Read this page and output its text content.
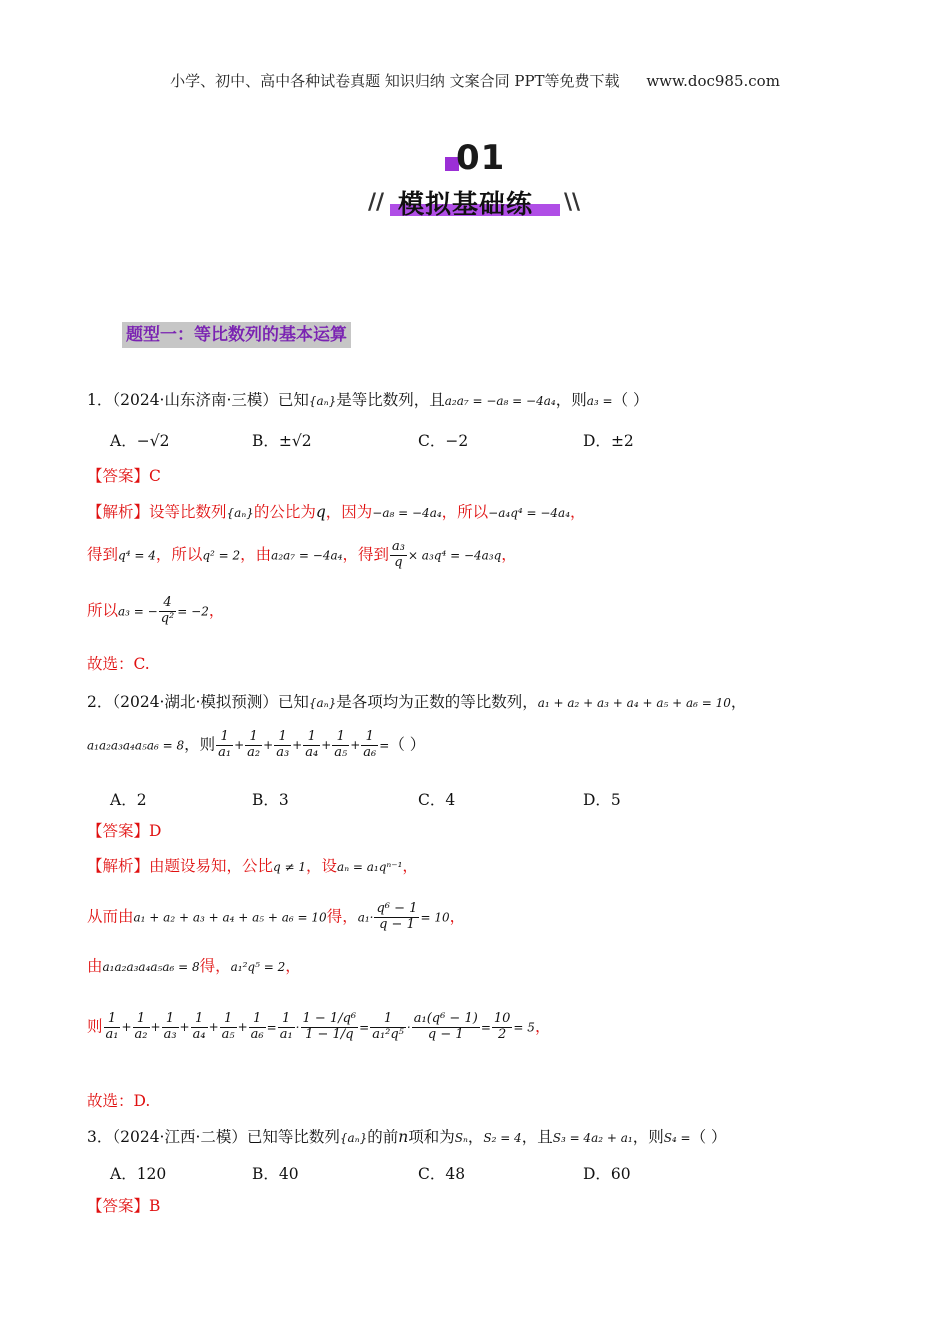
小学、初中、高中各种试卷真题 知识归纳 文案合同 PPT等免费下载 www.doc985.com
01
// 模拟基础练 \\
题型一：等比数列的基本运算
1．（2024·山东济南·三模）已知{aₙ}是等比数列，且a₂a₇ = −a₈ = −4a₄，则a₃ =（ ）
A．−√2	B．±√2	C．−2	D．±2
【答案】C
【解析】设等比数列{aₙ}的公比为q，因为−a₈ = −4a₄，所以−a₄q⁴ = −4a₄，
得到q⁴ = 4，所以q² = 2，由a₂a₇ = −4a₄，得到 $\frac{\text{a₃}}{q} \times a_3q^4 = -4a_3q$，
所以a₃ = − $\frac{4}{\text{q²}} = -2$，
故选：C.
2．（2024·湖北·模拟预测）已知{aₙ}是各项均为正数的等比数列，a₁ + a₂ + a₃ + a₄ + a₅ + a₆ = 10，
a₁a₂a₃a₄a₅a₆ = 8，则 $\frac{1}{\text{a₁}} + \frac{1}{\text{a₂}} + \frac{1}{\text{a₃}} + \frac{1}{\text{a₄}} + \frac{1}{\text{a₅}} + \frac{1}{\text{a₆}}$ =（ ）
A．2	B．3	C．4	D．5
【答案】D
【解析】由题设易知，公比q ≠ 1，设aₙ = a₁qⁿ⁻¹，
从而由a₁ + a₂ + a₃ + a₄ + a₅ + a₆ = 10得，$a_1\cdot \frac{\text{q⁶ − 1}}{q - 1} = 10$，
由a₁a₂a₃a₄a₅a₆ = 8得，a₁²q⁵ = 2，
则 $\frac{1}{\text{a₁}} + \frac{1}{\text{a₂}} + \frac{1}{\text{a₃}} + \frac{1}{\text{a₄}} + \frac{1}{\text{a₅}} + \frac{1}{\text{a₆}} = \frac{1}{\text{a₁}} \cdot \frac{\text{1 − 1/q⁶}}{1 - 1/q} = \frac{1}{\text{a₁²q⁵}} \cdot \frac{\text{a₁(q⁶ − 1)}}{q - 1} = \frac{10}{2} = 5$，
故选：D.
3．（2024·江西·二模）已知等比数列{aₙ}的前n项和为Sₙ，S₂ = 4，且S₃ = 4a₂ + a₁，则S₄ =（ ）
A．120	B．40	C．48	D．60
【答案】B
